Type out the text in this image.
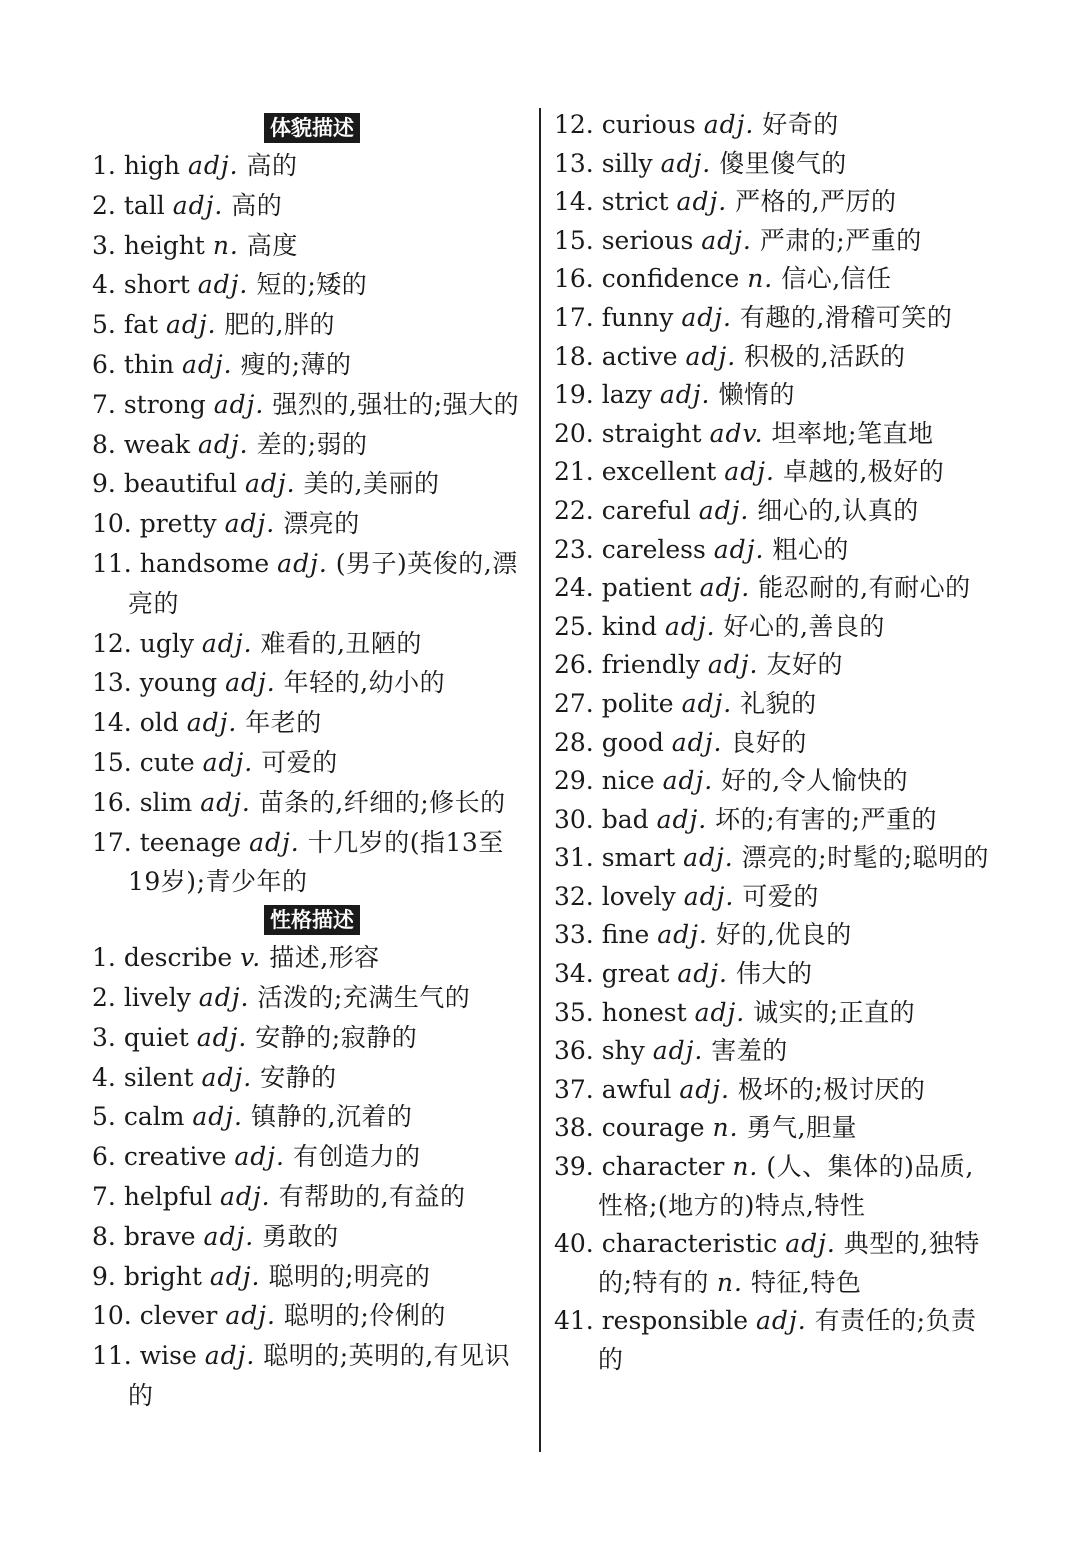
体貌描述
1. high adj. 高的
2. tall adj. 高的
3. height n. 高度
4. short adj. 短的;矮的
5. fat adj. 肥的,胖的
6. thin adj. 瘦的;薄的
7. strong adj. 强烈的,强壮的;强大的
8. weak adj. 差的;弱的
9. beautiful adj. 美的,美丽的
10. pretty adj. 漂亮的
11. handsome adj. (男子)英俊的,漂亮的
12. ugly adj. 难看的,丑陋的
13. young adj. 年轻的,幼小的
14. old adj. 年老的
15. cute adj. 可爱的
16. slim adj. 苗条的,纤细的;修长的
17. teenage adj. 十几岁的(指13至19岁);青少年的
性格描述
1. describe v. 描述,形容
2. lively adj. 活泼的;充满生气的
3. quiet adj. 安静的;寂静的
4. silent adj. 安静的
5. calm adj. 镇静的,沉着的
6. creative adj. 有创造力的
7. helpful adj. 有帮助的,有益的
8. brave adj. 勇敢的
9. bright adj. 聪明的;明亮的
10. clever adj. 聪明的;伶俐的
11. wise adj. 聪明的;英明的,有见识的
12. curious adj. 好奇的
13. silly adj. 傻里傻气的
14. strict adj. 严格的,严厉的
15. serious adj. 严肃的;严重的
16. confidence n. 信心,信任
17. funny adj. 有趣的,滑稽可笑的
18. active adj. 积极的,活跃的
19. lazy adj. 懒惰的
20. straight adv. 坦率地;笔直地
21. excellent adj. 卓越的,极好的
22. careful adj. 细心的,认真的
23. careless adj. 粗心的
24. patient adj. 能忍耐的,有耐心的
25. kind adj. 好心的,善良的
26. friendly adj. 友好的
27. polite adj. 礼貌的
28. good adj. 良好的
29. nice adj. 好的,令人愉快的
30. bad adj. 坏的;有害的;严重的
31. smart adj. 漂亮的;时髦的;聪明的
32. lovely adj. 可爱的
33. fine adj. 好的,优良的
34. great adj. 伟大的
35. honest adj. 诚实的;正直的
36. shy adj. 害羞的
37. awful adj. 极坏的;极讨厌的
38. courage n. 勇气,胆量
39. character n. (人、集体的)品质,性格;(地方的)特点,特性
40. characteristic adj. 典型的,独特的;特有的 n. 特征,特色
41. responsible adj. 有责任的;负责的
